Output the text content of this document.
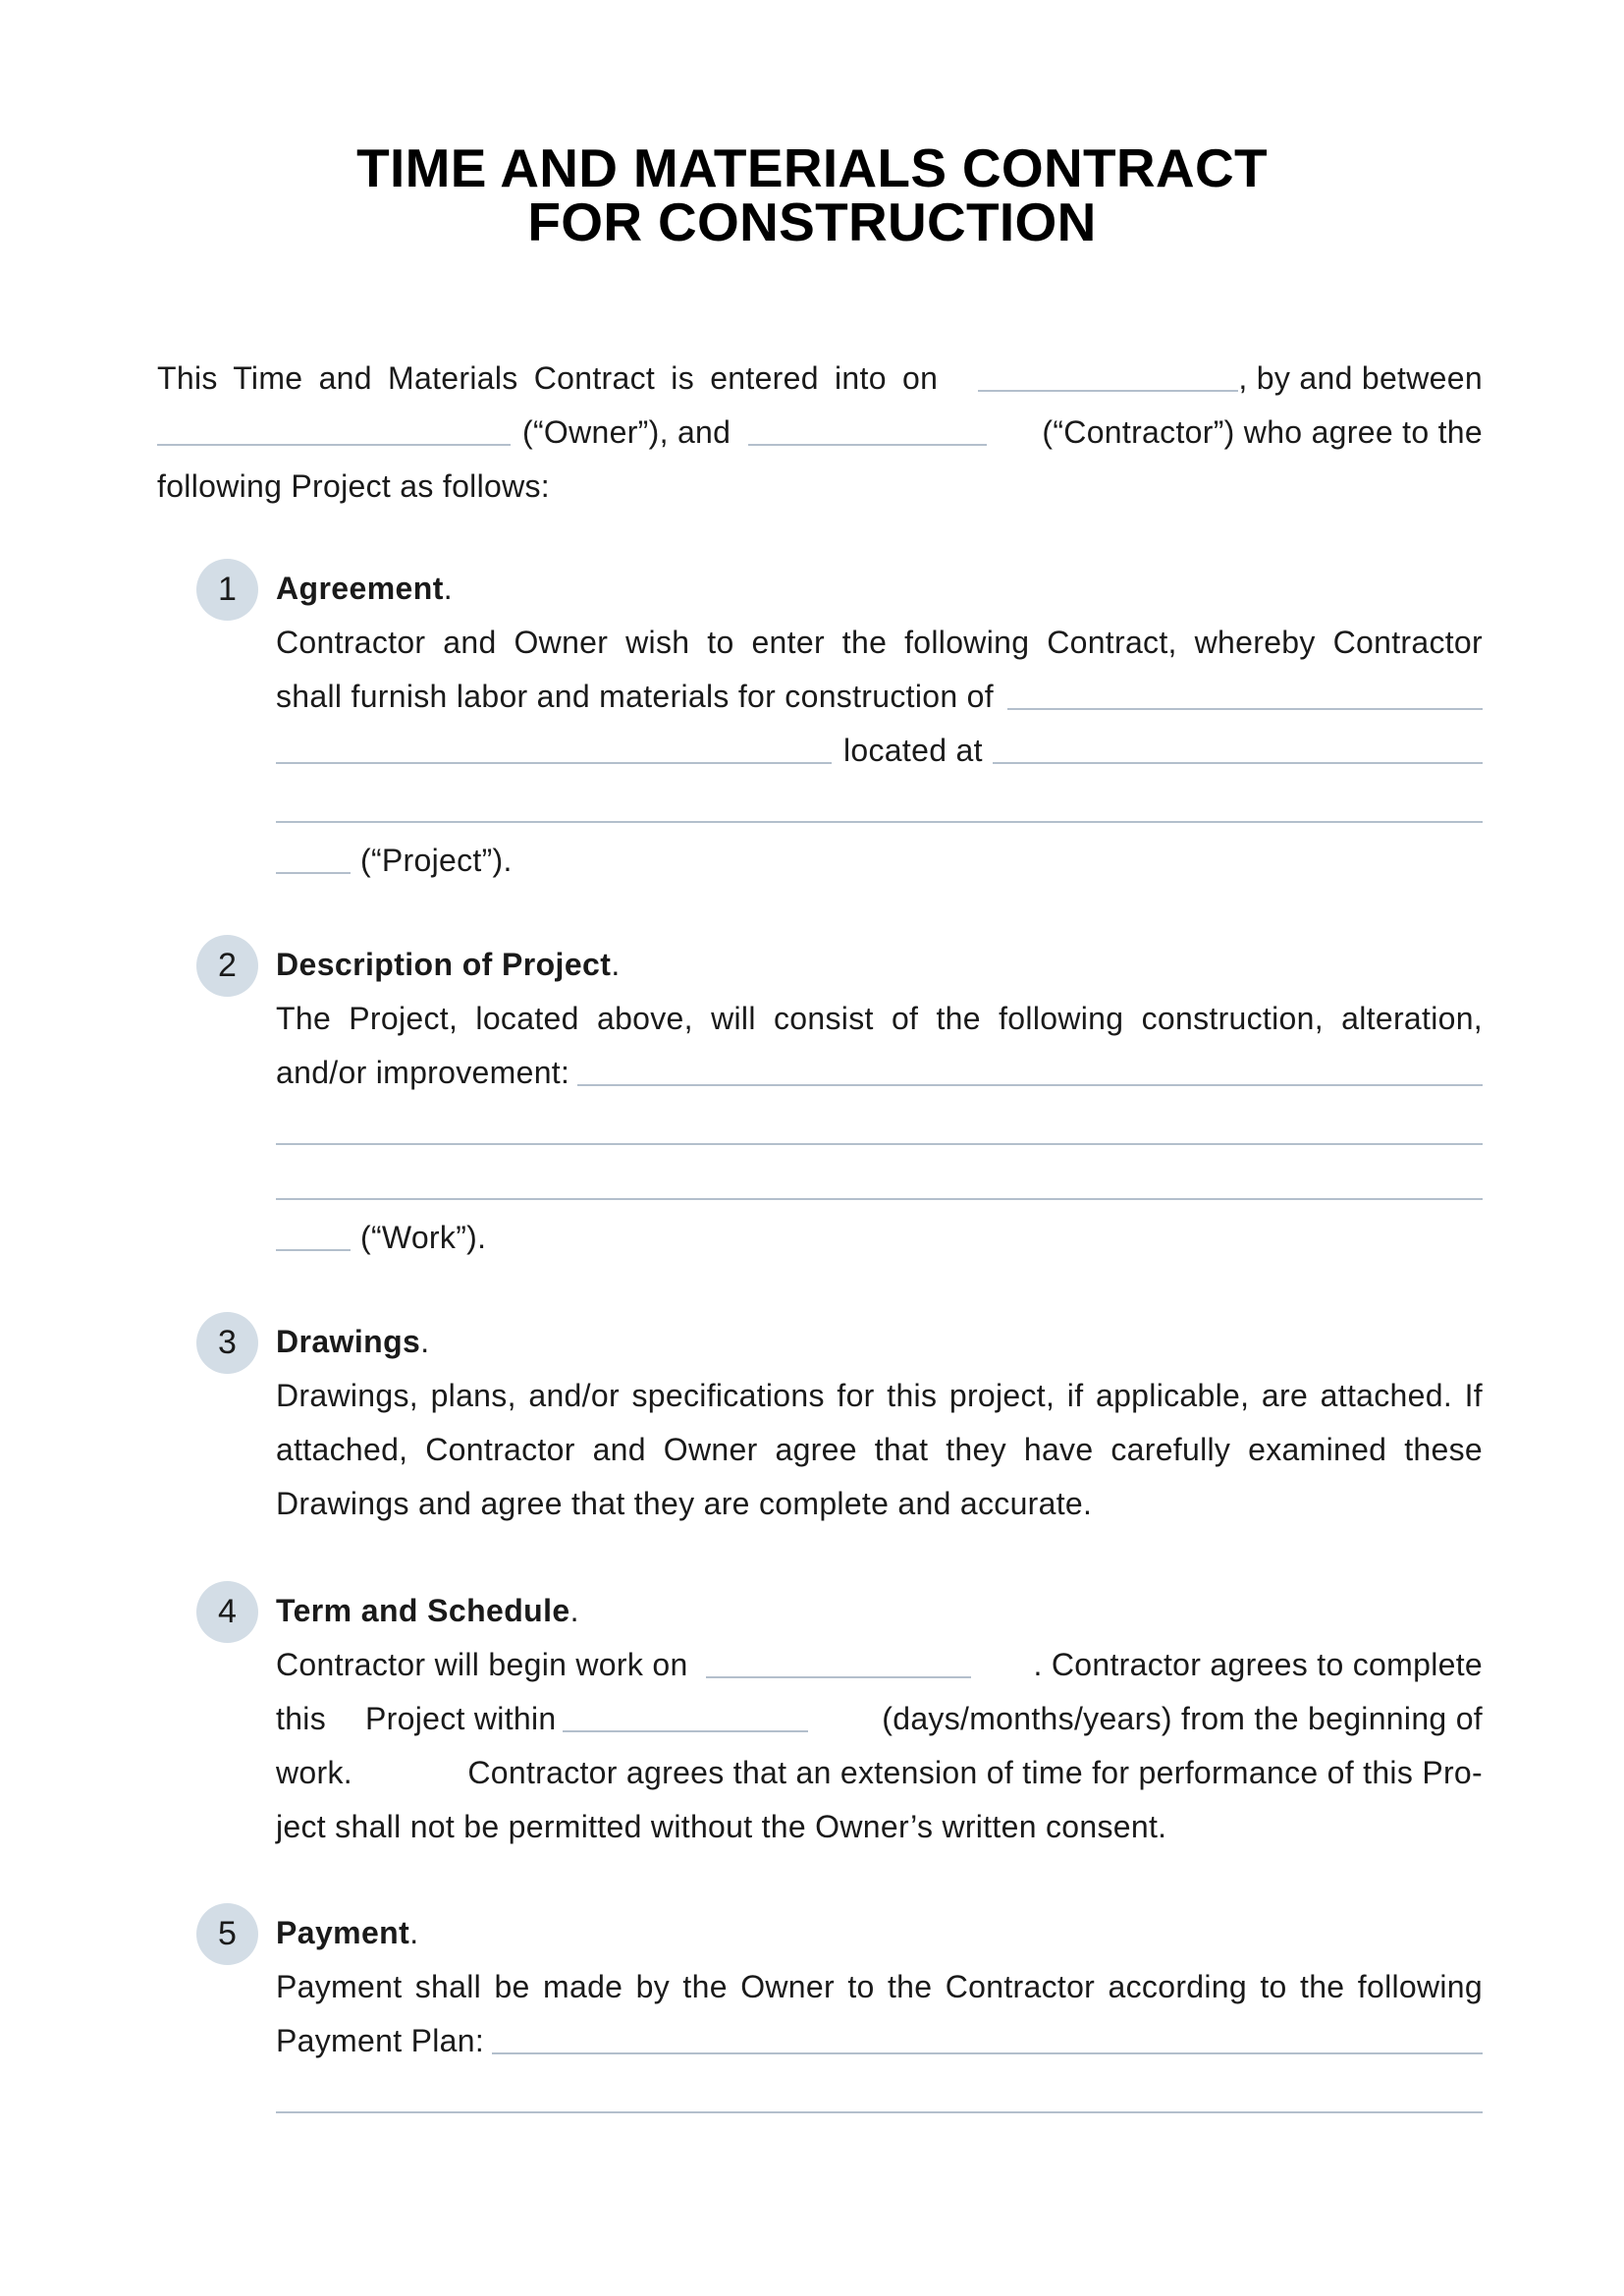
TIME AND MATERIALS CONTRACT
FOR CONSTRUCTION
This Time and Materials Contract is entered into on	, by and between
(“Owner”), and	(“Contractor”) who agree to the
following Project as follows:
1	Agreement.
Contractor and Owner wish to enter the following Contract, whereby Contractor
shall furnish labor and materials for construction of
located at
(“Project”).
2	Description of Project.
The Project, located above, will consist of the following construction, alteration,
and/or improvement:
(“Work”).
3	Drawings.
Drawings, plans, and/or specifications for this project, if applicable, are attached. If attached, Contractor and Owner agree that they have carefully examined these Drawings and agree that they are complete and accurate.
4	Term and Schedule.
Contractor will begin work on	. Contractor agrees to complete
this Project within	(days/months/years) from the beginning of
work.	Contractor agrees that an extension of time for performance of this Pro-
ject shall not be permitted without the Owner’s written consent.
5	Payment.
Payment shall be made by the Owner to the Contractor according to the following
Payment Plan:
